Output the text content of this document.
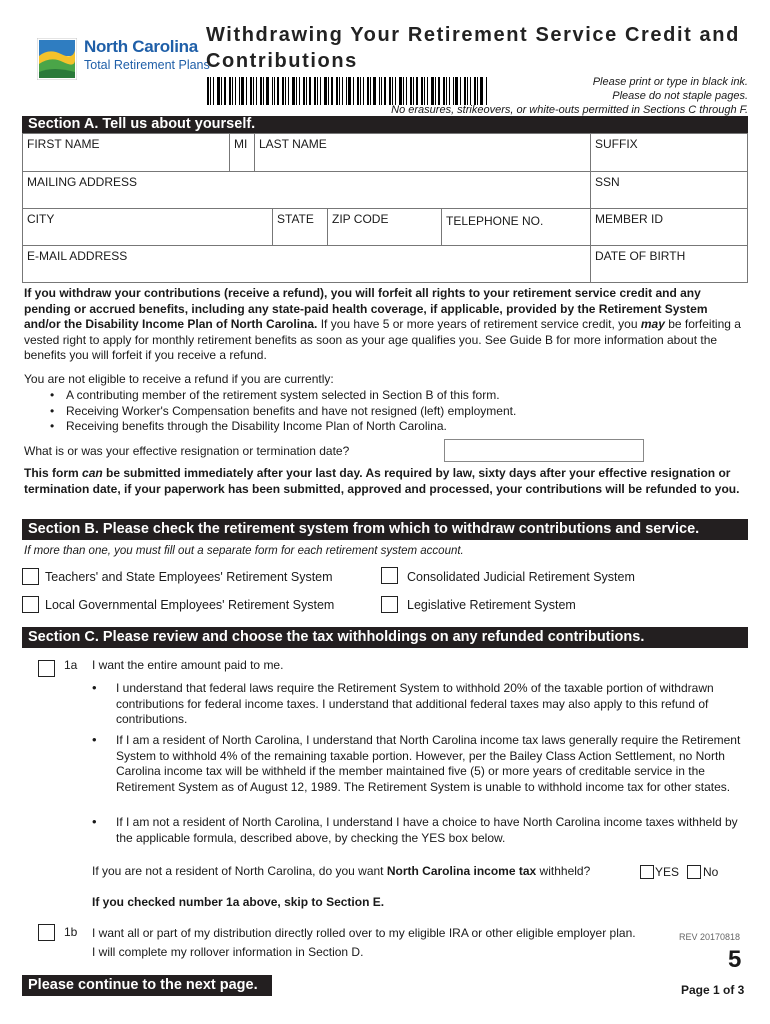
North Carolina
Total Retirement Plans
Withdrawing Your Retirement Service Credit and
Contributions
Please print or type in black ink.
Please do not staple pages.
No erasures, strikeovers, or white-outs permitted in Sections C through F.
Section A. Tell us about yourself.
FIRST NAME	MI LAST NAME	SUFFIX
MAILING ADDRESS	SSN
CITY	STATE	ZIP CODE	TELEPHONE NO.	MEMBER ID
E-MAIL ADDRESS	DATE OF BIRTH
If you withdraw your contributions (receive a refund), you will forfeit all rights to your retirement service credit and any pending or accrued benefits, including any state-paid health coverage, if applicable, provided by the Retirement System and/or the Disability Income Plan of North Carolina. If you have 5 or more years of retirement service credit, you may be forfeiting a vested right to apply for monthly retirement benefits as soon as your age qualifies you. See Guide B for more information about the benefits you will forfeit if you receive a refund.
You are not eligible to receive a refund if you are currently:
• A contributing member of the retirement system selected in Section B of this form.
• Receiving Worker's Compensation benefits and have not resigned (left) employment.
• Receiving benefits through the Disability Income Plan of North Carolina.
What is or was your effective resignation or termination date?
This form can be submitted immediately after your last day. As required by law, sixty days after your effective resignation or termination date, if your paperwork has been submitted, approved and processed, your contributions will be refunded to you.
Section B. Please check the retirement system from which to withdraw contributions and service.
If more than one, you must fill out a separate form for each retirement system account.
Teachers' and State Employees' Retirement System	Consolidated Judicial Retirement System
Local Governmental Employees' Retirement System	Legislative Retirement System
Section C. Please review and choose the tax withholdings on any refunded contributions.
1a I want the entire amount paid to me.
• I understand that federal laws require the Retirement System to withhold 20% of the taxable portion of withdrawn contributions for federal income taxes. I understand that additional federal taxes may also apply to this refund of contributions.
• If I am a resident of North Carolina, I understand that North Carolina income tax laws generally require the Retirement System to withhold 4% of the remaining taxable portion. However, per the Bailey Class Action Settlement, no North Carolina income tax will be withheld if the member maintained five (5) or more years of creditable service in the Retirement System as of August 12, 1989. The Retirement System is unable to withhold income tax for other states.
• If I am not a resident of North Carolina, I understand I have a choice to have North Carolina income taxes withheld by the applicable formula, described above, by checking the YES box below.
If you are not a resident of North Carolina, do you want North Carolina income tax withheld?	YES No
If you checked number 1a above, skip to Section E.
1b I want all or part of my distribution directly rolled over to my eligible IRA or other eligible employer plan.
I will complete my rollover information in Section D.
REV 20170818
5
Please continue to the next page.	Page 1 of 3
